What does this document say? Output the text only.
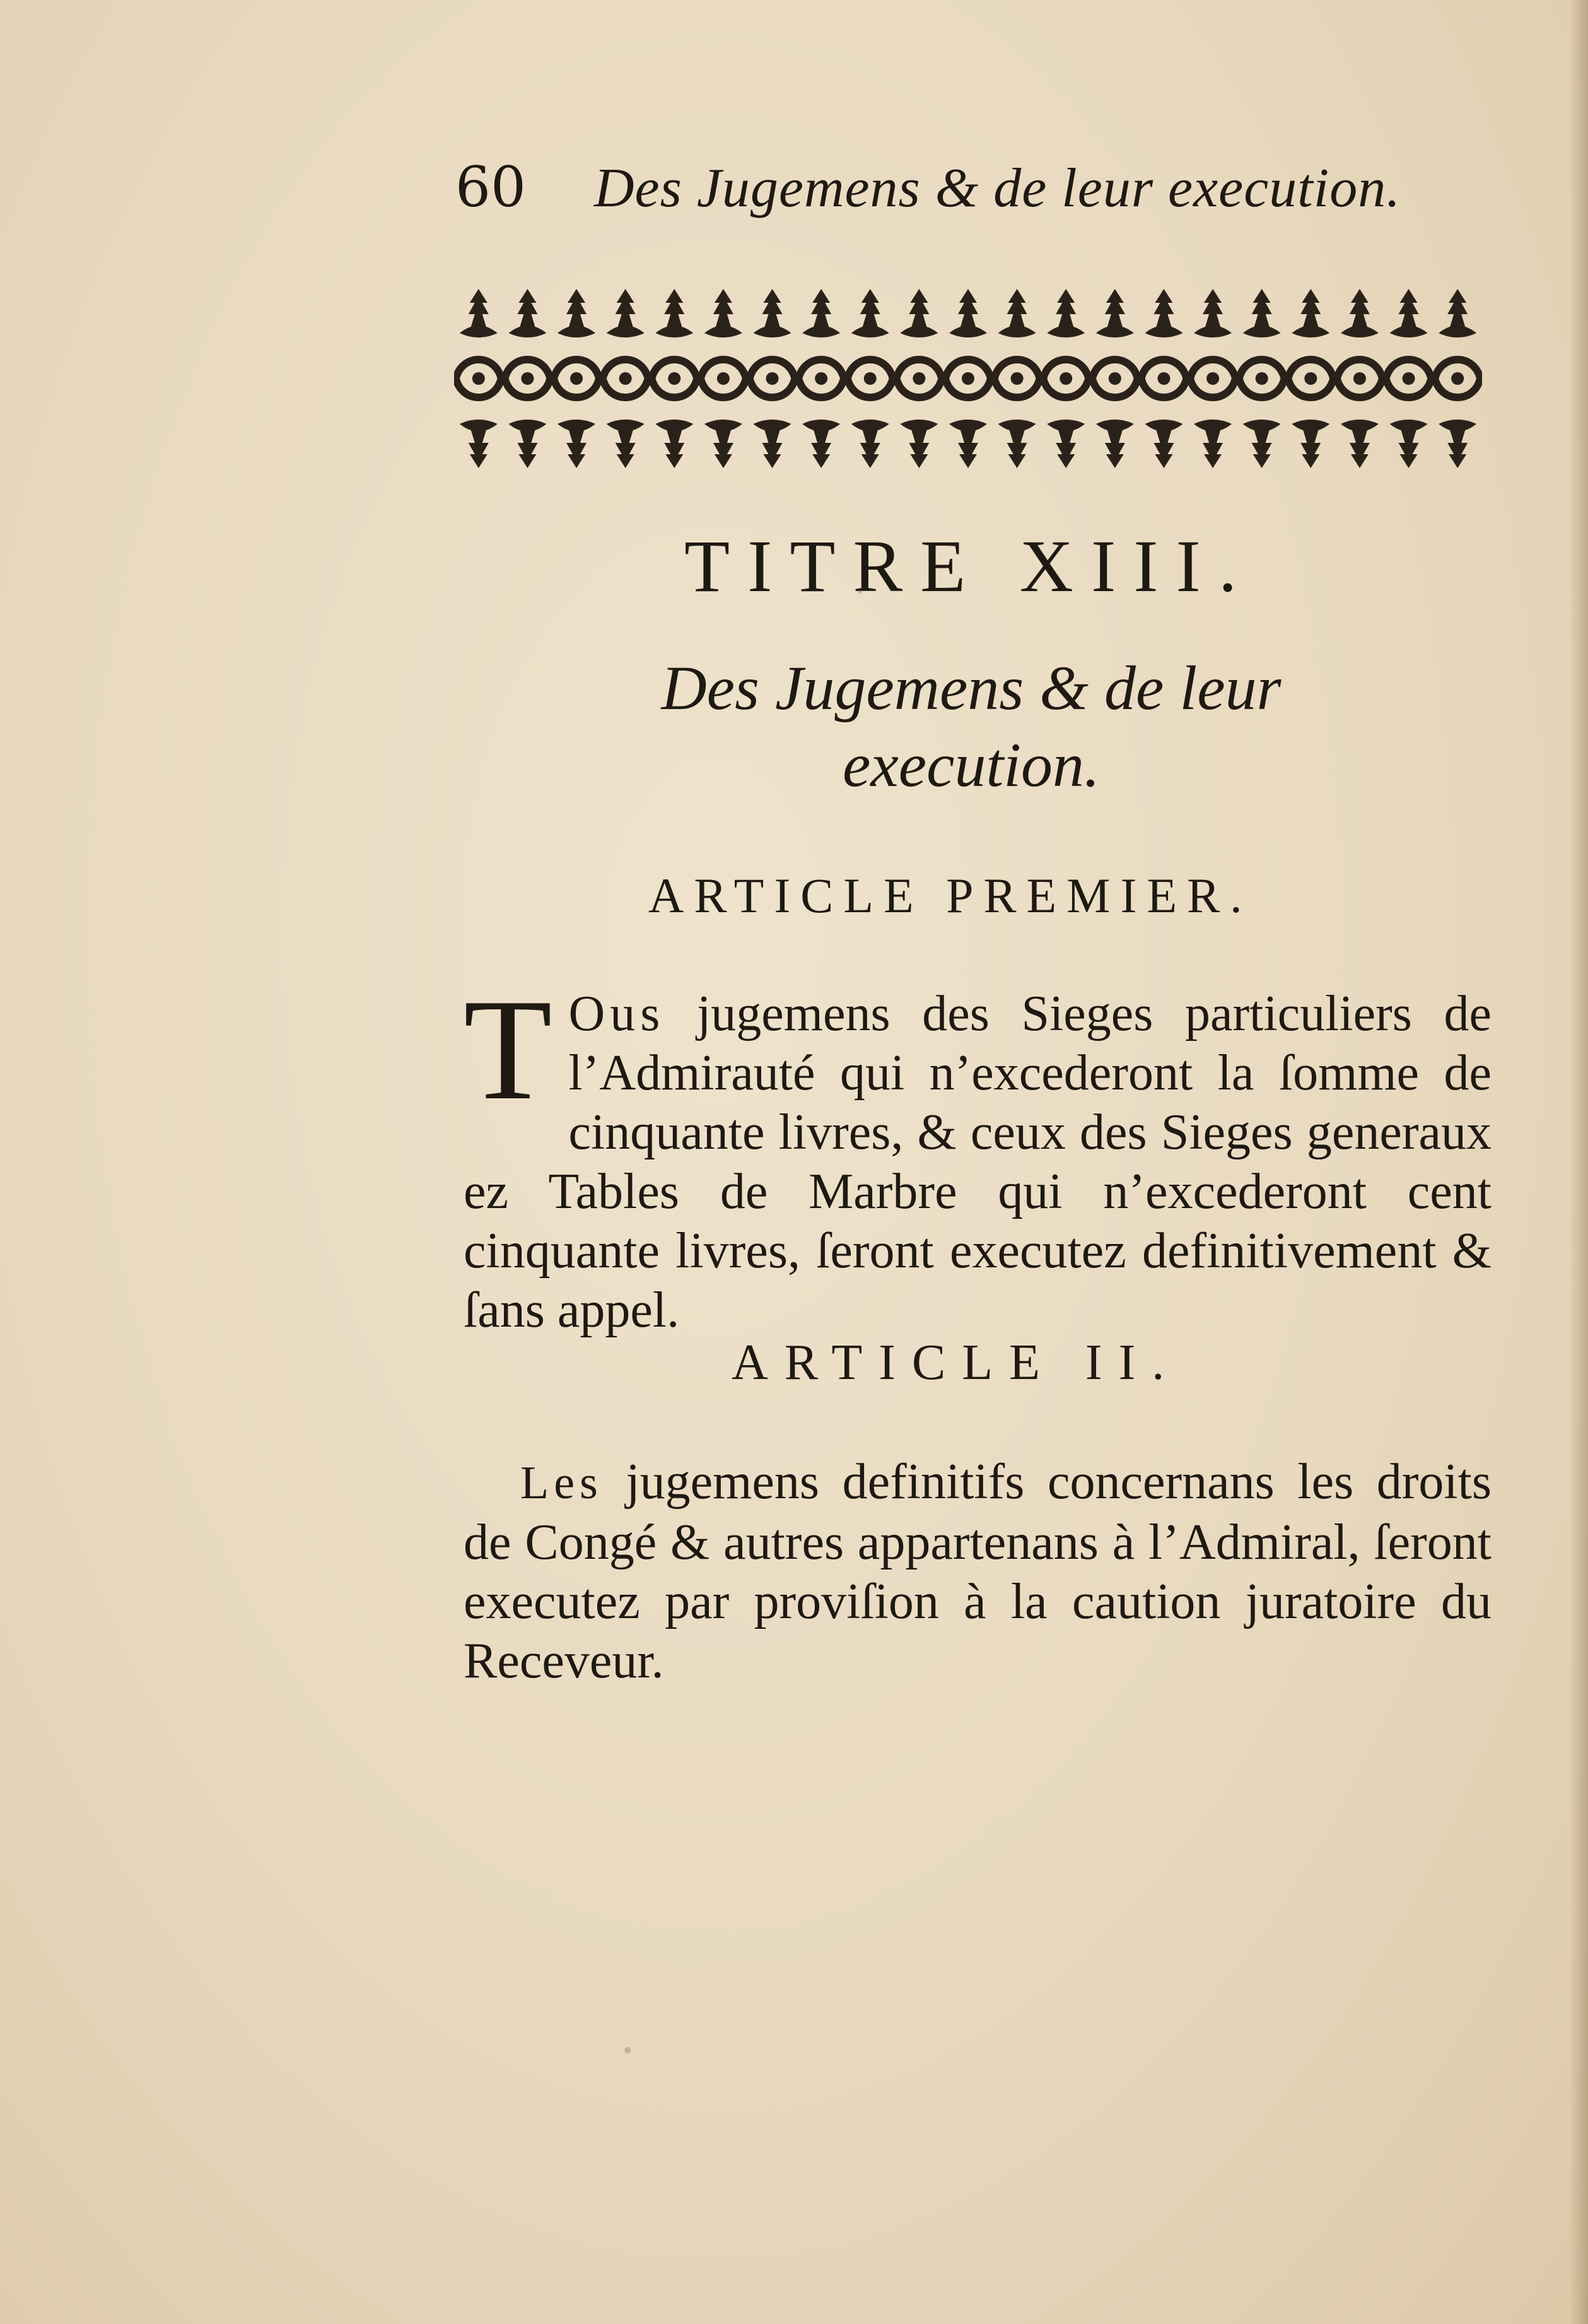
60 Des Jugemens & de leur execution.
TITRE XIII.
Des Jugemens & de leur
execution.
ARTICLE PREMIER.
T Ous jugemens des Sieges particuliers de l’Admirauté qui n’excederont la ſomme de cinquante livres, & ceux des Sieges generaux ez Tables de Marbre qui n’excederont cent cinquante livres, ſeront executez definitivement & ſans appel.
ARTICLE II.
Les jugemens definitifs concernans les droits de Congé & autres appartenans à l’Admiral, ſeront executez par proviſion à la caution juratoire du Receveur.
